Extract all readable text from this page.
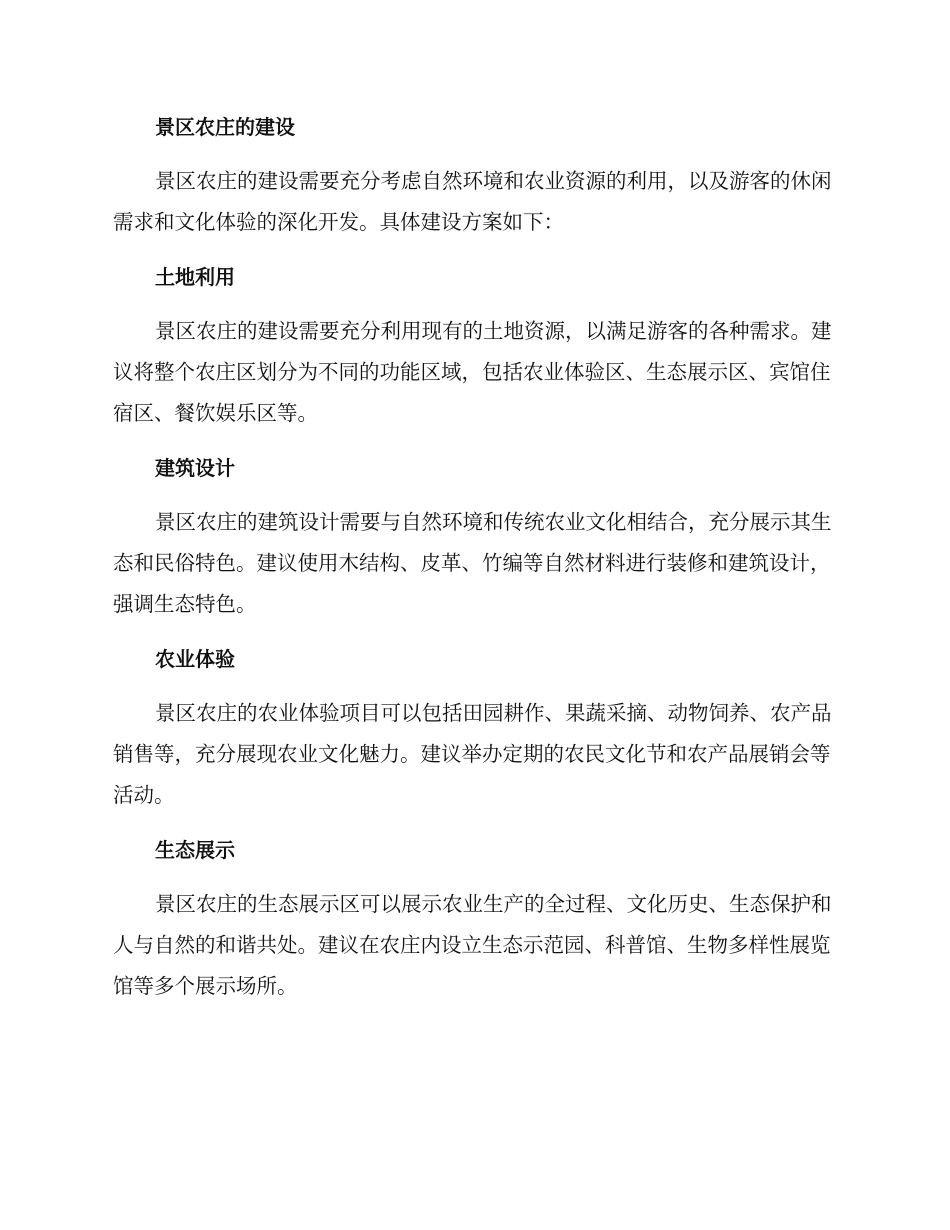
景区农庄的建设

景区农庄的建设需要充分考虑自然环境和农业资源的利用，以及游客的休闲需求和文化体验的深化开发。具体建设方案如下：

土地利用

景区农庄的建设需要充分利用现有的土地资源，以满足游客的各种需求。建议将整个农庄区划分为不同的功能区域，包括农业体验区、生态展示区、宾馆住宿区、餐饮娱乐区等。

建筑设计

景区农庄的建筑设计需要与自然环境和传统农业文化相结合，充分展示其生态和民俗特色。建议使用木结构、皮革、竹编等自然材料进行装修和建筑设计，强调生态特色。

农业体验

景区农庄的农业体验项目可以包括田园耕作、果蔬采摘、动物饲养、农产品销售等，充分展现农业文化魅力。建议举办定期的农民文化节和农产品展销会等活动。

生态展示

景区农庄的生态展示区可以展示农业生产的全过程、文化历史、生态保护和人与自然的和谐共处。建议在农庄内设立生态示范园、科普馆、生物多样性展览馆等多个展示场所。
